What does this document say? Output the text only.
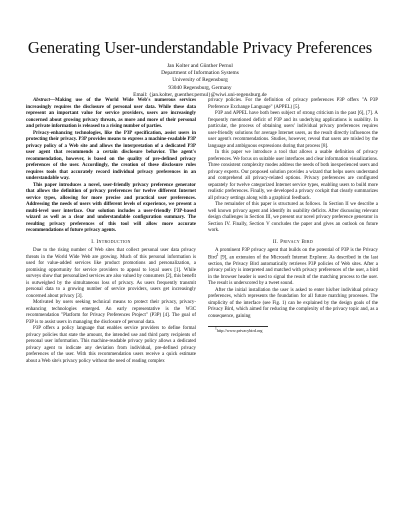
Generating User-understandable Privacy Preferences
Jan Kolter and Günther Pernul
Department of Information Systems
University of Regensburg
93040 Regensburg, Germany
Email: {jan.kolter, guenther.pernul}@wiwi.uni-regensburg.de

Abstract—Making use of the World Wide Web's numerous services increasingly requires the disclosure of personal user data. While these data represent an important value for service providers, users are increasingly concerned about growing privacy threats, as more and more of their personal and private information is released to a rising number of parties.

Privacy-enhancing technologies, like the P3P specification, assist users in protecting their privacy. P3P provides means to express a machine-readable P3P privacy policy of a Web site and allows the interpretation of a dedicated P3P user agent that recommends a certain disclosure behavior. The agent's recommendation, however, is based on the quality of pre-defined privacy preferences of the user. Accordingly, the creation of these disclosure rules requires tools that accurately record individual privacy preferences in an understandable way.

This paper introduces a novel, user-friendly privacy preference generator that allows the definition of privacy preferences for twelve different Internet service types, allowing for more precise and practical user preferences. Addressing the needs of users with different levels of experience, we present a multi-level user interface. Our solution includes a user-friendly P3P-based wizard as well as a clear and understandable configuration summary. The resulting privacy preferences of this tool will allow more accurate recommendations of future privacy agents.

I. Introduction

Due to the rising number of Web sites that collect personal user data privacy threats in the World Wide Web are growing. Much of this personal information is used for value-added services like product promotions and personalization, a promising opportunity for service providers to appeal to loyal users [1]. While surveys show that personalized services are also valued by consumers [2], this benefit is outweighed by the simultaneous loss of privacy. As users frequently transmit personal data to a growing number of service providers, users get increasingly concerned about privacy [3].

Motivated by users seeking technical means to protect their privacy, privacy-enhancing technologies emerged. An early representative is the W3C recommendation "Platform for Privacy Preferences Project" (P3P) [4]. The goal of P3P is to assist users in managing the disclosure of personal data.

P3P offers a policy language that enables service providers to define formal privacy policies that state the amount, the intended use and third party recipients of personal user information. This machine-readable privacy policy allows a dedicated privacy agent to indicate any deviation from individual, pre-defined privacy preferences of the user. With this recommendation users receive a quick estimate about a Web site's privacy policy without the need of reading complex

privacy policies. For the definition of privacy preferences P3P offers "A P3P Preference Exchange Language" (APPEL) [5].

P3P and APPEL have both been subject of strong criticism in the past [6], [7]. A frequently mentioned deficit of P3P and its underlying applications is usability. In particular, the process of obtaining users' individual privacy preferences requires user-friendly solutions for average Internet users, as the result directly influences the user agent's recommendations. Studies, however, reveal that users are misled by the language and ambiguous expressions during that process [8].

In this paper we introduce a tool that allows a usable definition of privacy preferences. We focus on suitable user interfaces and clear information visualizations. Three consistent complexity modes address the needs of both inexperienced users and privacy experts. Our proposed solution provides a wizard that helps users understand and comprehend all privacy-related options. Privacy preferences are configured separately for twelve categorized Internet service types, enabling users to build more realistic preferences. Finally, we developed a privacy cockpit that clearly summarizes all privacy settings along with a graphical feedback.

The remainder of this paper is structured as follows. In Section II we describe a well known privacy agent and identify its usability deficits. After discussing relevant design challenges in Section III, we present our novel privacy preference generator in Section IV. Finally, Section V concludes the paper and gives an outlook on future work.

II. Privacy Bird

A prominent P3P privacy agent that builds on the potential of P3P is the Privacy Bird$^1$ [9], an extension of the Microsoft Internet Explorer. As described in the last section, the Privacy Bird automatically retrieves P3P policies of Web sites. After a privacy policy is interpreted and matched with privacy preferences of the user, a bird in the browser header is used to signal the result of the matching process to the user. The result is underscored by a tweet sound.

After the initial installation the user is asked to enter his/her individual privacy preferences, which represents the foundation for all future matching processes. The simplicity of the interface (see Fig. 1) can be explained by the design goals of the Privacy Bird, which aimed for reducing the complexity of the privacy topic and, as a consequence, gaining

1http://www.privacybird.org
